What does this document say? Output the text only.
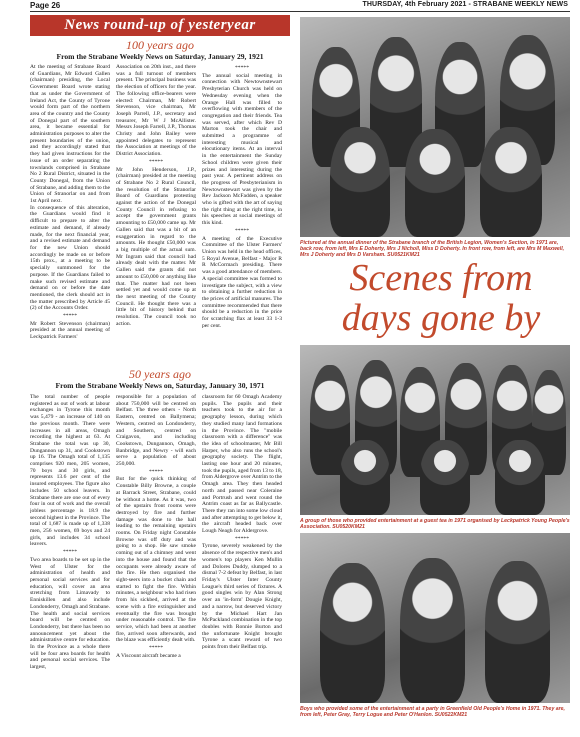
Page 26	THURSDAY, 4th February 2021 - STRABANE WEEKLY NEWS
News round-up of yesteryear
100 years ago
From the Strabane Weekly News on Saturday, January 29, 1921

At the meeting of Strabane Board of Guardians, Mr Edward Gallen (chairman) presiding, the Local Government Board wrote stating that as under the Government of Ireland Act, the County of Tyrone would form part of the northern area of the country and the County of Donegal part of the southern area, it became essential for administration purposes to alter the present boundaries of the union, and they accordingly stated that they had given instructions for the issue of an order separating the townlands comprised in Strabane No 2 Rural District, situated in the County Donegal, from the Union of Strabane, and adding them to the Union of Stranorlar on and from 1st April next.

In consequence of this alteration, the Guardians would find it difficult to prepare to alter the estimate and demand, if already made, for the next financial year, and a revised estimate and demand for the new Union should accordingly be made on or before 15th prox., at a meeting to be specially summoned for the purpose. If the Guardians failed to make such revised estimate and demand on or before the date mentioned, the clerk should act in the matter prescribed by Article 45 (2) of the Accounts Order.

*****

Mr Robert Stevenson (chairman) presided at the annual meeting of Leckpatrick Farmers'

Association on 20th inst., and there was a full turnout of members present. The principal business was the election of officers for the year. The following office-bearers were elected: Chairman, Mr Robert Stevenson, vice chairman, Mr Joseph Parrell, J.P., secretary and treasurer, Mr W J McAllister. Messrs Joseph Farrell, J.P., Thomas Christy and John Bailey were appointed delegates to represent the Association at meetings of the District Association.

*****

Mr John Henderson, J.P., (chairman) presided at the meeting of Strabane No 2 Rural Council, the resolution of the Stranorlar Board of Guardians protesting against the action of the Donegal County Council in refusing to accept the government grants amounting to £50,000 came up. Mr Gallen said that was a bit of an exaggeration in regard to the amounts. He thought £50,000 was a big multiple of the actual sum. Mr Ingram said that council had already dealt with the matter. Mr Gallen said the grants did not amount to £50,000 or anything like that. The matter had not been settled yet and would come up at the next meeting of the County Council. He thought there was a little bit of history behind that resolution. The council took no action.

*****

The annual social meeting in connection with Newtownstewart Presbyterian Church was held on Wednesday evening when the Orange Hall was filled to overflowing with members of the congregation and their friends. Tea was served, after which Rev D Marton took the chair and submitted a programme of interesting musical and elocutionary items. At an interval in the entertainment the Sunday School children were given their prizes and interesting during the past year. A pertinent address on the progress of Presbyterianism in Newtownstewart was given by the Rev Jackson McFadden, a speaker who is gifted with the art of saying the right thing at the right time, in his speeches at social meetings of this kind.

*****

A meeting of the Executive Committee of the Ulster Farmers' Union was held in the head offices, 5 Royal Avenue, Belfast - Major R R McCormach presiding. There was a good attendance of members. A special committee was formed to investigate the subject, with a view to obtaining a further reduction in the prices of artificial manures. The committee recommended that there should be a reduction in the price for scratching flax at least 33 1-3 per cent.

Pictured at the annual dinner of the Strabane branch of the British Legion, Women's Section, in 1971 are, back row, from left, Mrs E Doherty, Mrs J Nicholl, Miss D Doherty. In front row, from left, are Mrs M Maxwell, Mrs J Doherty and Mrs D Varsham. SU0521KM21
Scenes from days gone by
50 years ago
From the Strabane Weekly News on, Saturday, January 30, 1971

The total number of people registered as out of work at labour exchanges in Tyrone this month was 5,479 - an increase of 140 on the previous month. There were increases in all areas, Omagh recording the highest at 63. At Strabane the total was up 30, Dungannon up 31, and Cookstown up 16. The Omagh total of 1,135 comprises 920 men, 205 women, 70 boys and 30 girls, and represents 13.6 per cent of the insured employees. The figure also includes 50 school leavers. In Strabane there are one out of every four in out of work and the overall jobless percentage is 18.9 the second highest in the Province. The total of 1,687 is made up of 1,338 men, 256 women, 69 boys and 24 girls, and includes 34 school leavers.

*****

Two area boards to be set up in the West of Ulster for the administration of health and personal social services and for education, will cover an area stretching from Limavady to Enniskillen and also include Londonderry, Omagh and Strabane. The health and social services board will be centred on Londonderry, but there has been no announcement yet about the administrative centre for education. In the Province as a whole there will be four area boards for health and personal social services. The largest,

responsible for a population of about 750,000 will be centred on Belfast. The three others - North Eastern, centred on Ballymena; Western, centred on Londonderry, and Southern, centred on Craigavon, and including Cookstown, Dungannon, Omagh, Banbridge, and Newry - will each serve a population of about 250,000.

*****

But for the quick thinking of Constable Billy Browne, a couple at Barrack Street, Strabane, could be without a home. As it was, two of the upstairs front rooms were destroyed by fire and further damage was done to the hall leading to the remaining upstairs rooms. On Friday night Constable Browne was off duty and was going to a shop. He saw smoke coming out of a chimney and went into the house and found that the occupants were already aware of the fire. He then organised the sight-seers into a bucket chain and started to fight the fire. Within minutes, a neighbour who had risen from his sickbed, arrived at the scene with a fire extinguisher and eventually the fire was brought under reasonable control. The fire service, which had been at another fire, arrived soon afterwards, and the blaze was efficiently dealt with.

*****

A Viscount aircraft became a

classroom for 60 Omagh Academy pupils. The pupils and their teachers took to the air for a geography lesson, during which they studied many land formations in the Province. The "mobile classroom with a difference" was the idea of schoolmaster, Mr Bill Harper, who also runs the school's geography society. The flight, lasting one hour and 20 minutes, took the pupils, aged from 13 to 18, from Aldergrove over Antrim to the Omagh area. They then headed north and passed near Coleraine and Portrush and went round the Antrim coast as far as Ballycastle. There they ran into some low cloud and after attempting to get below it, the aircraft headed back over Lough Neagh for Aldergrove.

*****

Tyrone, severely weakened by the absence of the respective men's and women's top players Ken Mullin and Dolores Duddy, slumped to a dismal 7-2 defeat by Belfast, in last Friday's Ulster Inter County League's third series of fixtures. A good singles win by Alan Strong over an 'in-form' Dougie Knight, and a narrow, but deserved victory by the Michael Hart Jan McPackland combination in the top doubles with Ronnie Burton and the unfortunate Knight brought Tyrone a scant reward of two points from their Belfast trip.

A group of those who provided entertainment at a guest tea in 1971 organised by Leckpatrick Young People's Association. SU0520KM21
Boys who provided some of the entertainment at a party in Greenfield Old People's Home in 1971. They are, from left, Peter Gray, Terry Logue and Peter O'Hanlon. SU0522KM21
